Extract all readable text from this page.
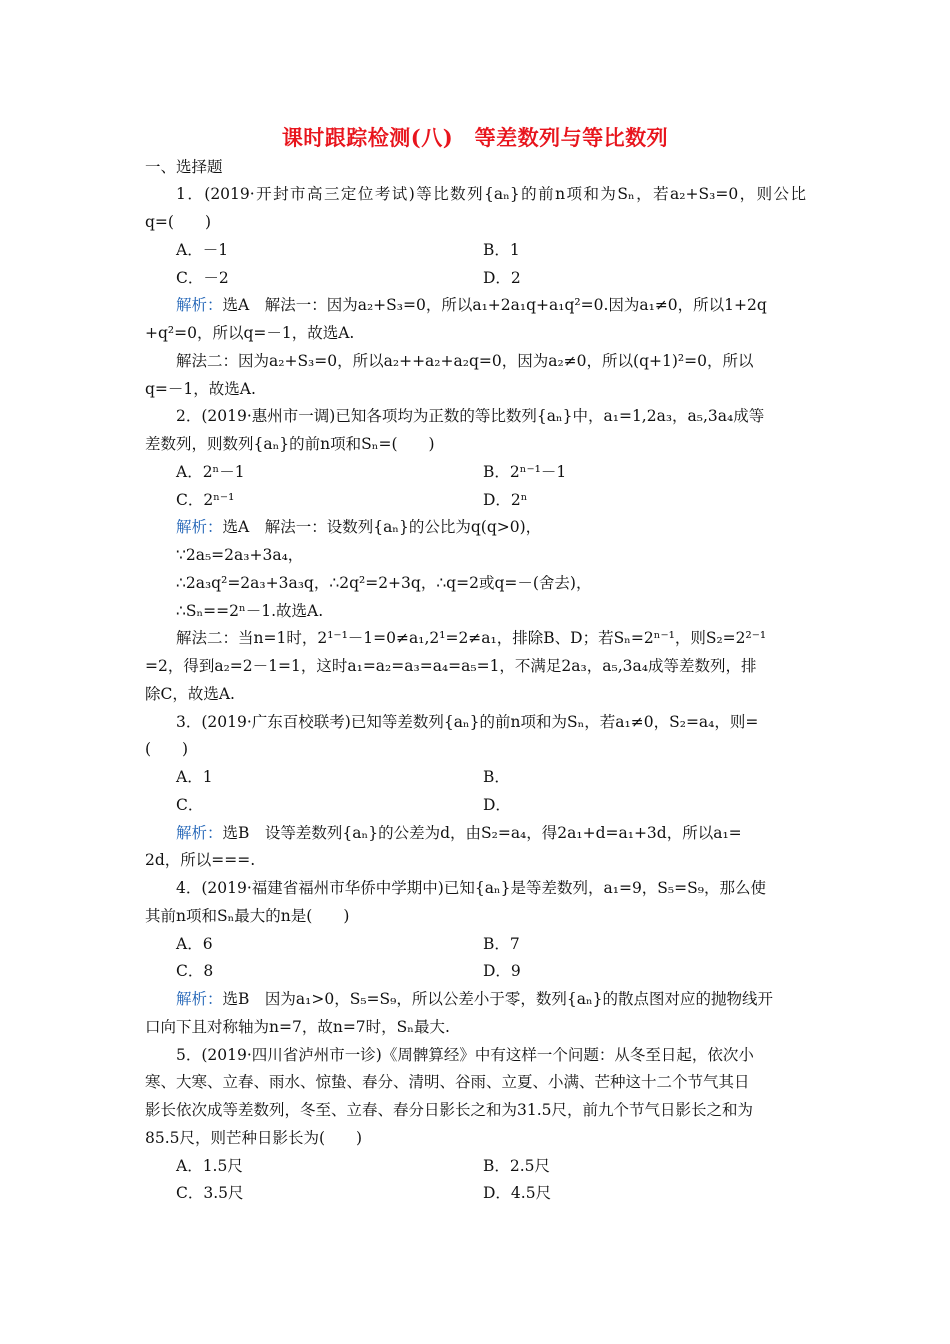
课时跟踪检测(八)　等差数列与等比数列
一、选择题
1．(2019·开封市高三定位考试)等比数列{aₙ}的前n项和为Sₙ，若a₂+S₃=0，则公比
q=(　　)
A．－1	B．1
C．－2	D．2
解析：选A　解法一：因为a₂+S₃=0，所以a₁+2a₁q+a₁q²=0.因为a₁≠0，所以1+2q
+q²=0，所以q=－1，故选A.
解法二：因为a₂+S₃=0，所以a₂++a₂+a₂q=0，因为a₂≠0，所以(q+1)²=0，所以
q=－1，故选A.
2．(2019·惠州市一调)已知各项均为正数的等比数列{aₙ}中，a₁=1,2a₃，a₅,3a₄成等
差数列，则数列{aₙ}的前n项和Sₙ=(　　)
A．2ⁿ－1	B．2ⁿ⁻¹－1
C．2ⁿ⁻¹	D．2ⁿ
解析：选A　解法一：设数列{aₙ}的公比为q(q>0)，
∵2a₅=2a₃+3a₄，
∴2a₃q²=2a₃+3a₃q，∴2q²=2+3q，∴q=2或q=－(舍去)，
∴Sₙ==2ⁿ－1.故选A.
解法二：当n=1时，2¹⁻¹－1=0≠a₁,2¹=2≠a₁，排除B、D；若Sₙ=2ⁿ⁻¹，则S₂=2²⁻¹
=2，得到a₂=2－1=1，这时a₁=a₂=a₃=a₄=a₅=1，不满足2a₃，a₅,3a₄成等差数列，排
除C，故选A.
3．(2019·广东百校联考)已知等差数列{aₙ}的前n项和为Sₙ，若a₁≠0，S₂=a₄，则=
(　　)
A．1	B．
C．	D．
解析：选B　设等差数列{aₙ}的公差为d，由S₂=a₄，得2a₁+d=a₁+3d，所以a₁=
2d，所以===.
4．(2019·福建省福州市华侨中学期中)已知{aₙ}是等差数列，a₁=9，S₅=S₉，那么使
其前n项和Sₙ最大的n是(　　)
A．6	B．7
C．8	D．9
解析：选B　因为a₁>0，S₅=S₉，所以公差小于零，数列{aₙ}的散点图对应的抛物线开
口向下且对称轴为n=7，故n=7时，Sₙ最大.
5．(2019·四川省泸州市一诊)《周髀算经》中有这样一个问题：从冬至日起，依次小
寒、大寒、立春、雨水、惊蛰、春分、清明、谷雨、立夏、小满、芒种这十二个节气其日
影长依次成等差数列，冬至、立春、春分日影长之和为31.5尺，前九个节气日影长之和为
85.5尺，则芒种日影长为(　　)
A．1.5尺	B．2.5尺
C．3.5尺	D．4.5尺
